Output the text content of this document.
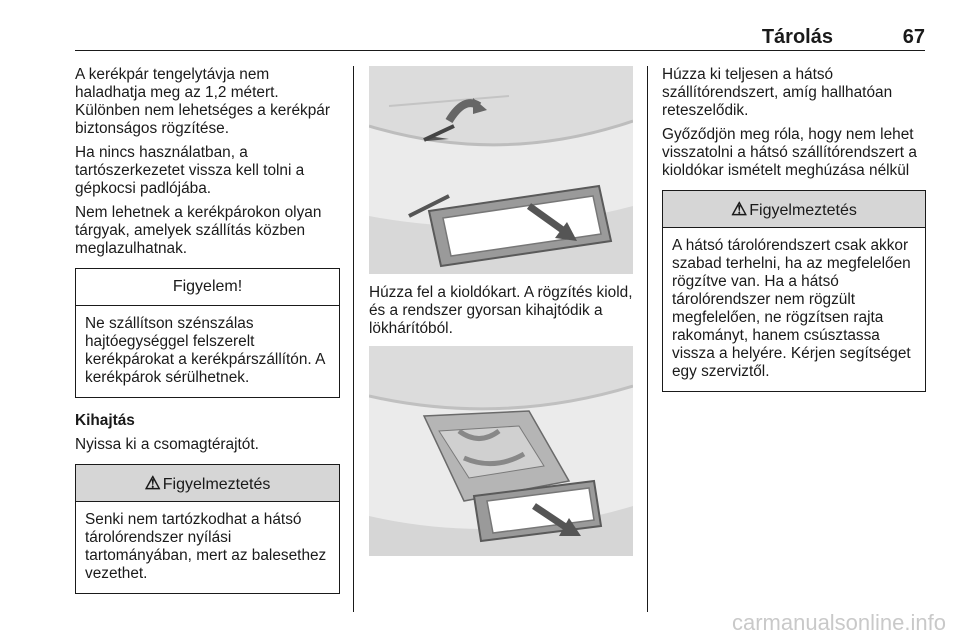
Tárolás	67

A kerékpár tengelytávja nem haladhatja meg az 1,2 métert. Különben nem lehetséges a kerékpár biztonságos rögzítése.

Ha nincs használatban, a tartószerkezetet vissza kell tolni a gépkocsi padlójába.

Nem lehetnek a kerékpárokon olyan tárgyak, amelyek szállítás közben meglazulhatnak.

Figyelem!
Ne szállítson szénszálas hajtóegységgel felszerelt kerékpárokat a kerékpárszállítón. A kerékpárok sérülhetnek.

Kihajtás

Nyissa ki a csomagtérajtót.

⚠ Figyelmeztetés
Senki nem tartózkodhat a hátsó tárolórendszer nyílási tartományában, mert az balesethez vezethet.

Húzza fel a kioldókart. A rögzítés kiold, és a rendszer gyorsan kihajtódik a lökhárítóból.

Húzza ki teljesen a hátsó szállítórendszert, amíg hallhatóan reteszelődik.

Győződjön meg róla, hogy nem lehet visszatolni a hátsó szállítórendszert a kioldókar ismételt meghúzása nélkül

⚠ Figyelmeztetés
A hátsó tárolórendszert csak akkor szabad terhelni, ha az megfelelően rögzítve van. Ha a hátsó tárolórendszer nem rögzült megfelelően, ne rögzítsen rajta rakományt, hanem csúsztassa vissza a helyére. Kérjen segítséget egy szerviztől.
carmanualsonline.info
